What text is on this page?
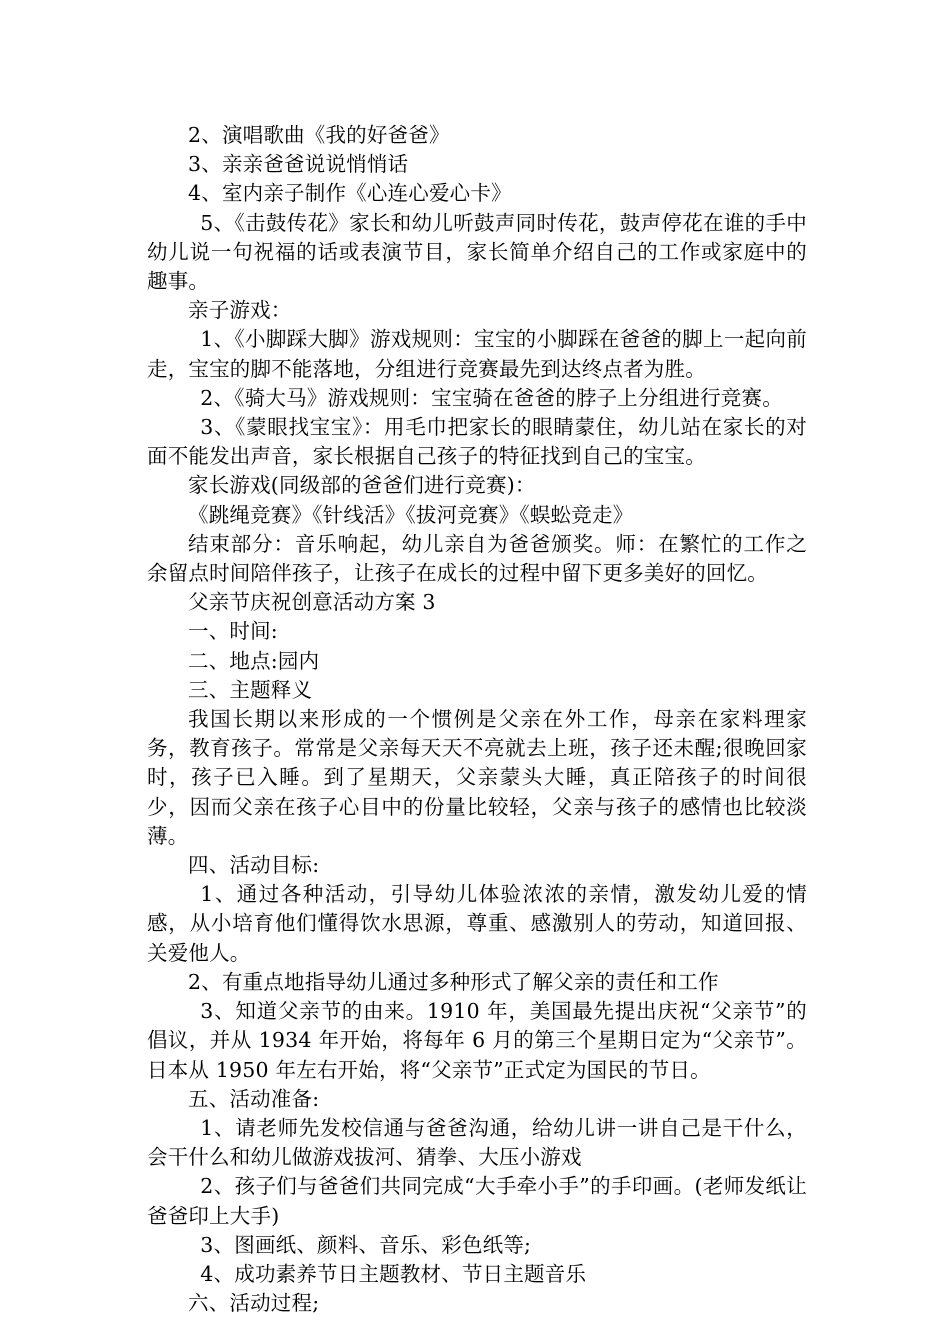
2、演唱歌曲《我的好爸爸》

3、亲亲爸爸说说悄悄话

4、室内亲子制作《心连心爱心卡》

5、《击鼓传花》家长和幼儿听鼓声同时传花，鼓声停花在谁的手中幼儿说一句祝福的话或表演节目，家长简单介绍自己的工作或家庭中的趣事。

亲子游戏：

1、《小脚踩大脚》游戏规则：宝宝的小脚踩在爸爸的脚上一起向前走，宝宝的脚不能落地，分组进行竞赛最先到达终点者为胜。

2、《骑大马》游戏规则：宝宝骑在爸爸的脖子上分组进行竞赛。

3、《蒙眼找宝宝》：用毛巾把家长的眼睛蒙住，幼儿站在家长的对面不能发出声音，家长根据自己孩子的特征找到自己的宝宝。

家长游戏(同级部的爸爸们进行竞赛)：

《跳绳竞赛》《针线活》《拔河竞赛》《蜈蚣竞走》

结束部分：音乐响起，幼儿亲自为爸爸颁奖。师：在繁忙的工作之余留点时间陪伴孩子，让孩子在成长的过程中留下更多美好的回忆。

父亲节庆祝创意活动方案 3

一、时间:

二、地点:园内

三、主题释义

我国长期以来形成的一个惯例是父亲在外工作，母亲在家料理家务，教育孩子。常常是父亲每天天不亮就去上班，孩子还未醒;很晚回家时，孩子已入睡。到了星期天，父亲蒙头大睡，真正陪孩子的时间很少，因而父亲在孩子心目中的份量比较轻，父亲与孩子的感情也比较淡薄。

四、活动目标:

1、通过各种活动，引导幼儿体验浓浓的亲情，激发幼儿爱的情感，从小培育他们懂得饮水思源，尊重、感激别人的劳动，知道回报、关爱他人。

2、有重点地指导幼儿通过多种形式了解父亲的责任和工作

3、知道父亲节的由来。1910 年，美国最先提出庆祝“父亲节”的倡议，并从 1934 年开始，将每年 6 月的第三个星期日定为“父亲节”。日本从 1950 年左右开始，将“父亲节”正式定为国民的节日。

五、活动准备:

1、请老师先发校信通与爸爸沟通，给幼儿讲一讲自己是干什么，会干什么和幼儿做游戏拔河、猜拳、大压小游戏

2、孩子们与爸爸们共同完成“大手牵小手”的手印画。(老师发纸让爸爸印上大手)

3、图画纸、颜料、音乐、彩色纸等;

4、成功素养节日主题教材、节日主题音乐

六、活动过程;
